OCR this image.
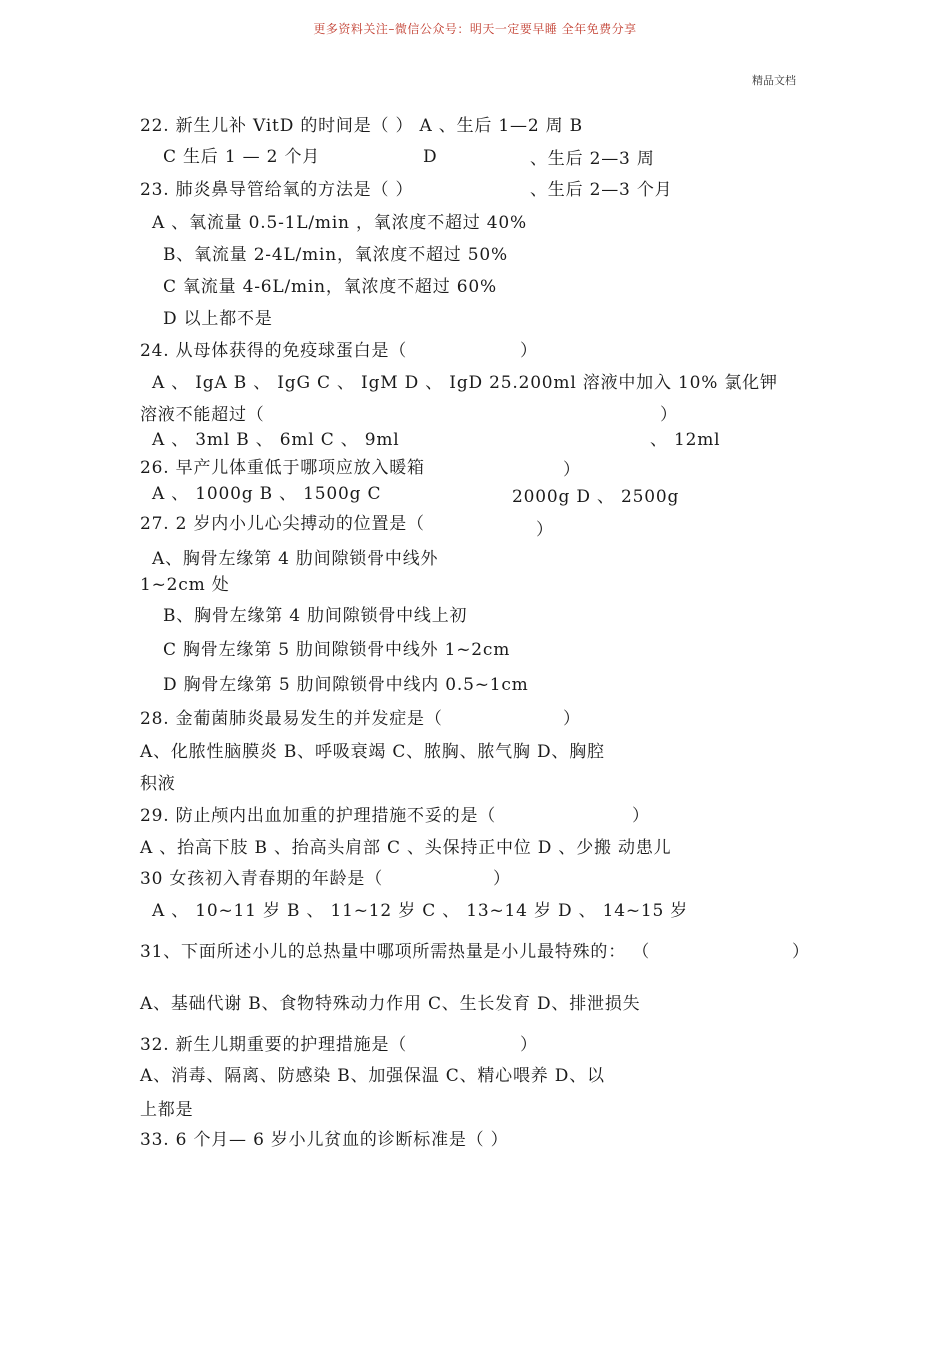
更多资料关注–微信公众号：明天一定要早睡 全年免费分享
精品文档
22. 新生儿补 VitD 的时间是（ ） A 、生后 1—2 周 B
C 生后 1 — 2 个月	D	、生后 2—3 周
23. 肺炎鼻导管给氧的方法是（ ）	、生后 2—3 个月
A 、氧流量 0.5-1L/min ，氧浓度不超过 40%
B、氧流量 2-4L/min，氧浓度不超过 50%
C 氧流量 4-6L/min，氧浓度不超过 60%
D 以上都不是
24. 从母体获得的免疫球蛋白是（	）
A 、 IgA B 、 IgG C 、 IgM D 、 IgD 25.200ml 溶液中加入 10% 氯化钾
溶液不能超过（	）
A 、 3ml B 、 6ml C 、 9ml	、 12ml
26. 早产儿体重低于哪项应放入暖箱	）
A 、 1000g B 、 1500g C	2000g D 、 2500g
27. 2 岁内小儿心尖搏动的位置是（	）
A、胸骨左缘第 4 肋间隙锁骨中线外
1~2cm 处
B、胸骨左缘第 4 肋间隙锁骨中线上初
C 胸骨左缘第 5 肋间隙锁骨中线外 1~2cm
D 胸骨左缘第 5 肋间隙锁骨中线内 0.5~1cm
28. 金葡菌肺炎最易发生的并发症是（	）
A、化脓性脑膜炎 B、呼吸衰竭 C、脓胸、脓气胸 D、胸腔
积液
29. 防止颅内出血加重的护理措施不妥的是（	）
A 、抬高下肢 B 、抬高头肩部 C 、头保持正中位 D 、少搬 动患儿
30 女孩初入青春期的年龄是（	）
A 、 10~11 岁 B 、 11~12 岁 C 、 13~14 岁 D 、 14~15 岁
31、下面所述小儿的总热量中哪项所需热量是小儿最特殊的： （	）
A、基础代谢 B、食物特殊动力作用 C、生长发育 D、排泄损失
32. 新生儿期重要的护理措施是（	）
A、消毒、隔离、防感染 B、加强保温 C、精心喂养 D、以
上都是
33. 6 个月— 6 岁小儿贫血的诊断标准是（ ）
